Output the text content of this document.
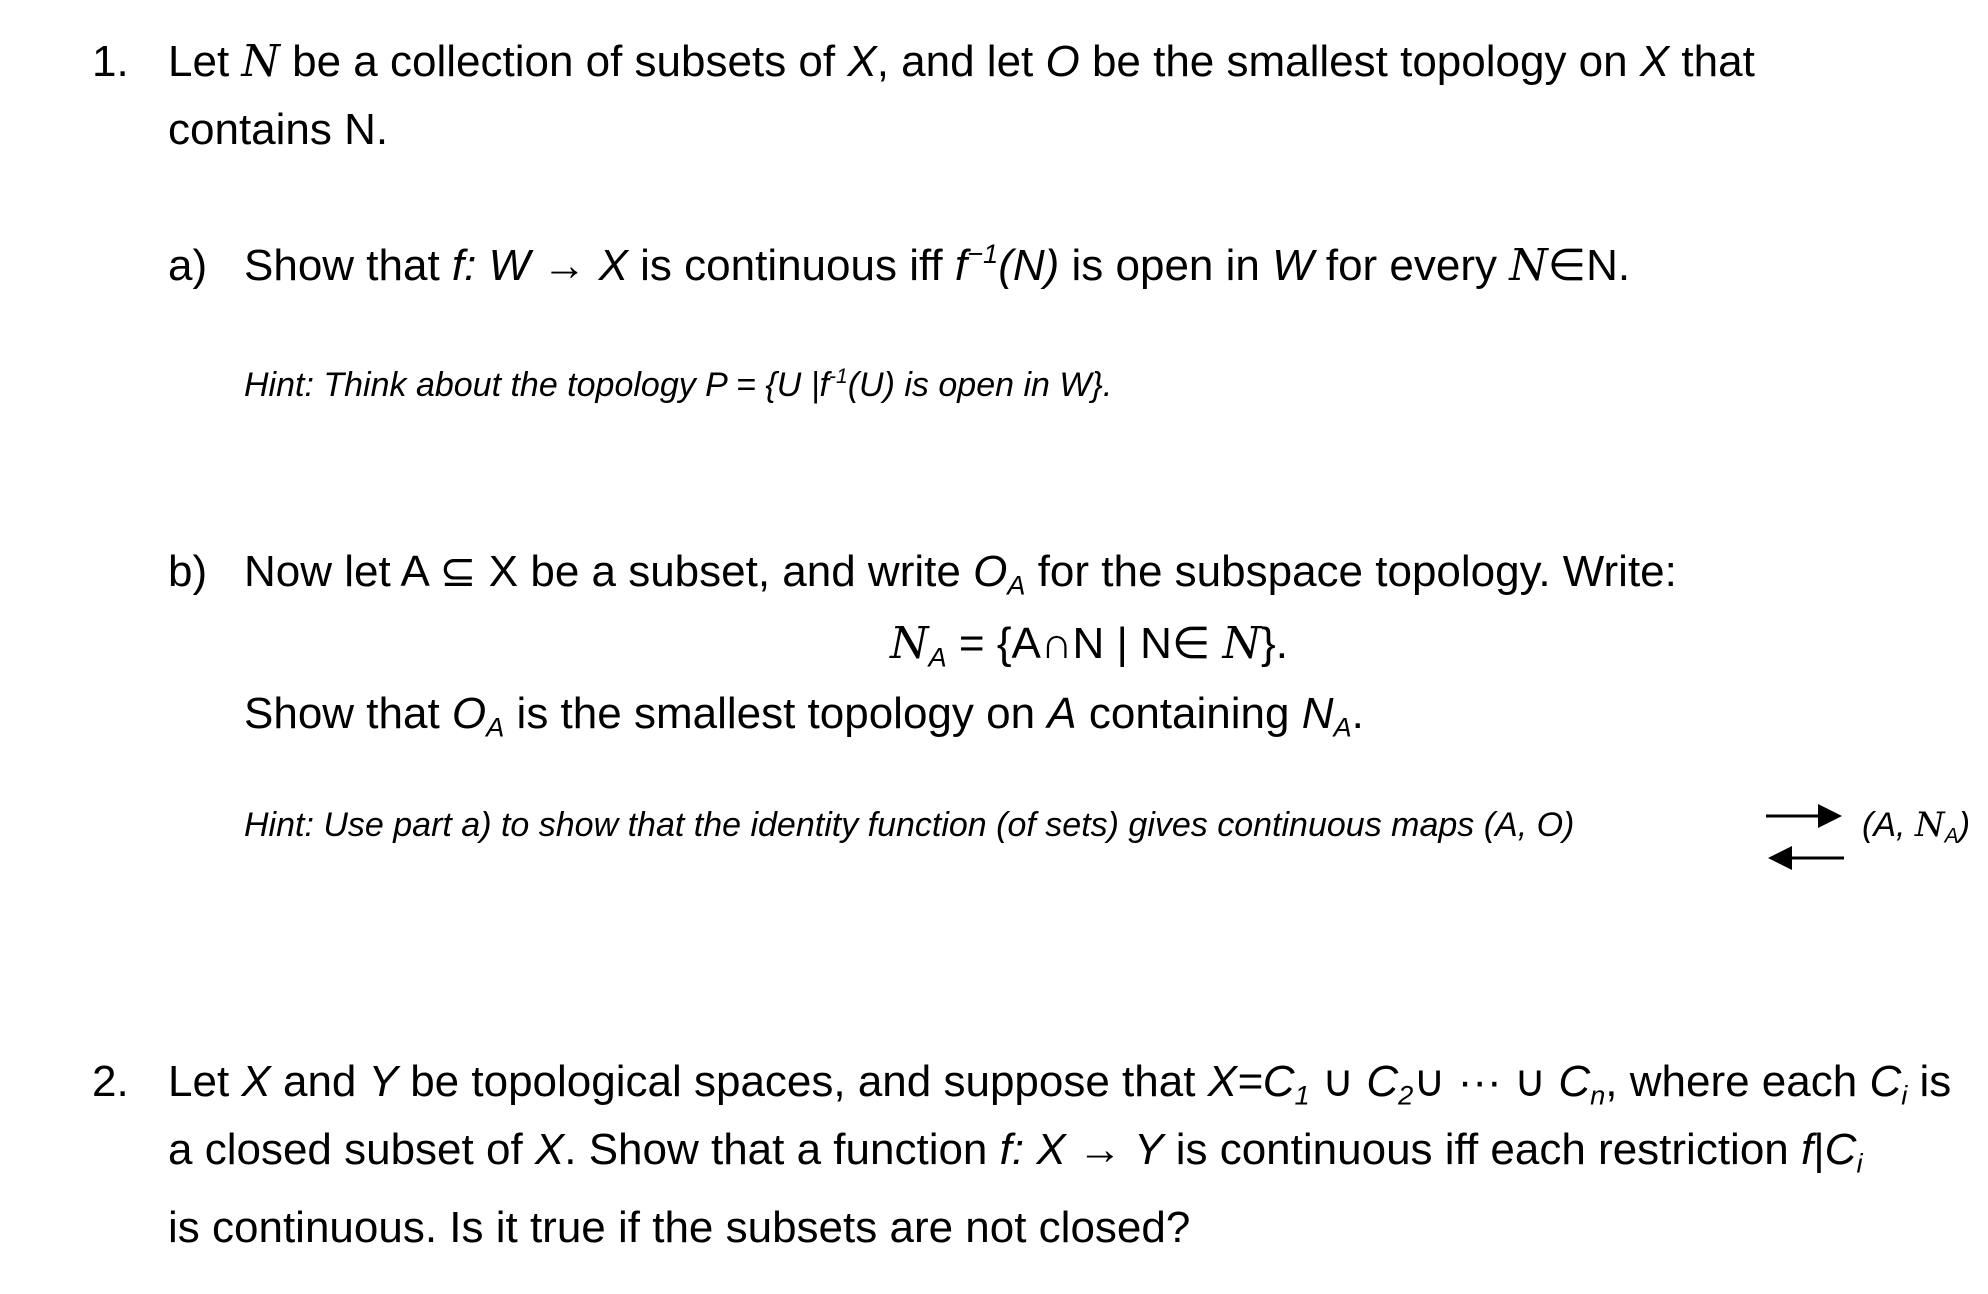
1. Let N be a collection of subsets of X, and let O be the smallest topology on X that
contains N.
a) Show that f: W → X is continuous iff $f^{-1}(N)$ is open in W for every N∈N.
Hint: Think about the topology P = {U $|f^{-1}(U)$ is open in W}.
b) Now let A ⊆ X be a subset, and write $O_A$ for the subspace topology. Write:
$N_A$ = {A∩N | N∈ N}.
Show that $O_A$ is the smallest topology on A containing $N_A$.
Hint: Use part a) to show that the identity function (of sets) gives continuous maps (A, O)	(A, $N_A$)
2. Let X and Y be topological spaces, and suppose that $X=C_1$ ∪ $C_2\cup$ ··· ∪ $C_n$, where each $C_i$ is
a closed subset of X. Show that a function f: X → Y is continuous iff each restriction $f|C_i$
is continuous. Is it true if the subsets are not closed?
